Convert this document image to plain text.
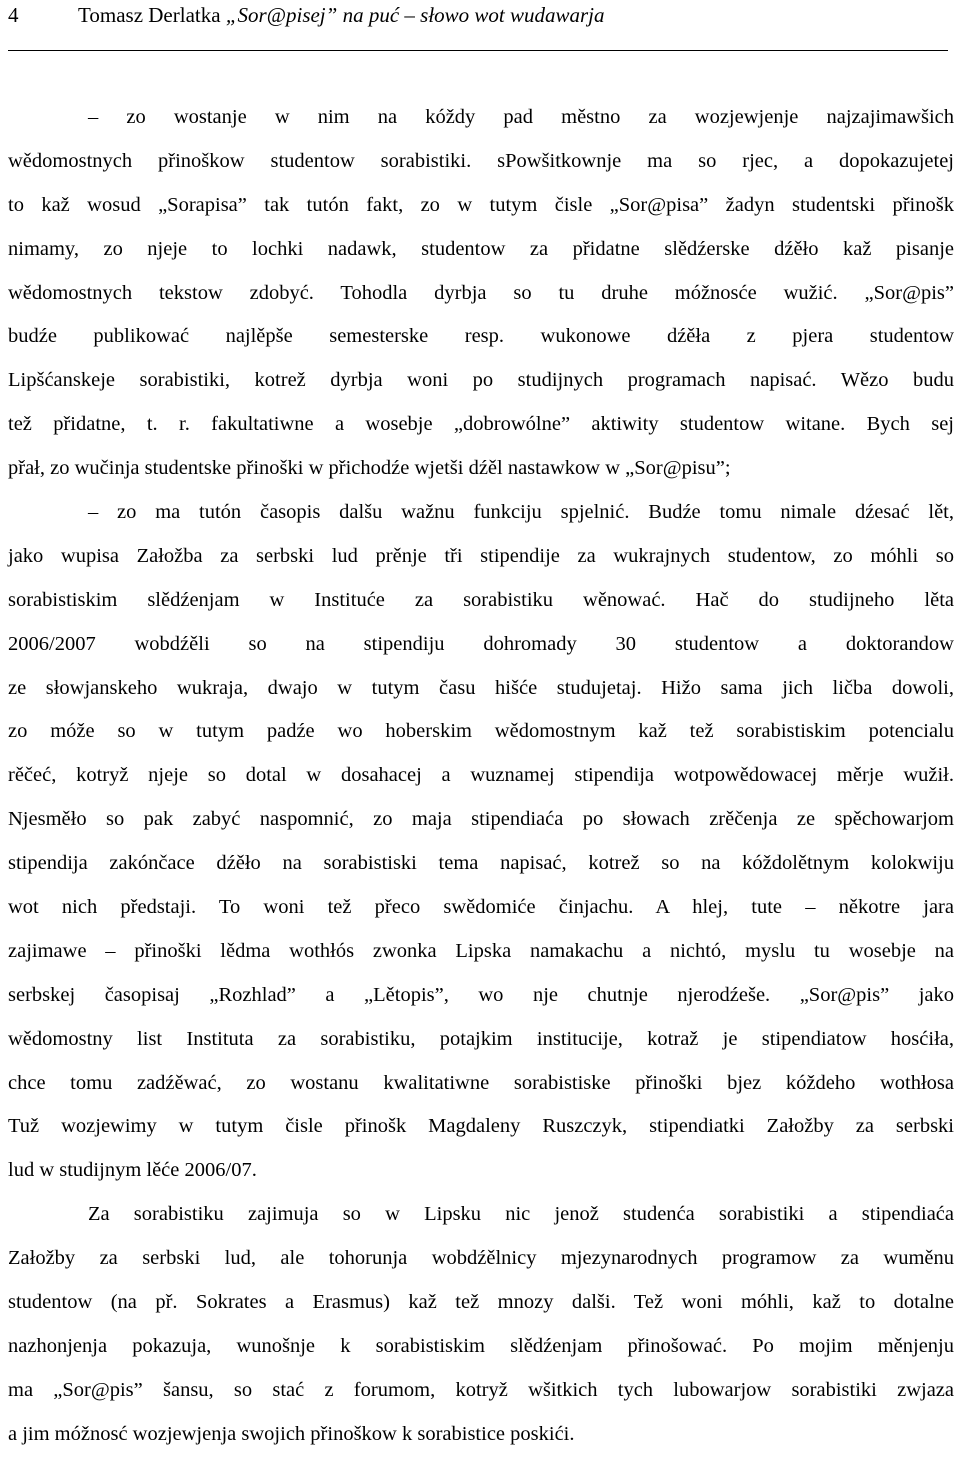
4	Tomasz Derlatka „Sor@pisej” na puć – słowo wot wudawarja
– zo wostanje w nim na kóždy pad městno za wozjewjenje najzajimawšich
wědomostnych přinoškow studentow sorabistiki. sPowšitkownje ma so rjec, a dopokazujetej
to kaž wosud „Sorapisa” tak tutón fakt, zo w tutym čisle „Sor@pisa” žadyn studentski přinošk
nimamy, zo njeje to lochki nadawk, studentow za přidatne slědźerske dźěło kaž pisanje
wědomostnych tekstow zdobyć. Tohodla dyrbja so tu druhe móžnosće wužić. „Sor@pis”
budźe publikować najlěpše semesterske resp. wukonowe dźěła z pjera studentow
Lipšćanskeje sorabistiki, kotrež dyrbja woni po studijnych programach napisać. Wězo budu
tež přidatne, t. r. fakultatiwne a wosebje „dobrowólne” aktiwity studentow witane. Bych sej
přał, zo wučinja studentske přinoški w přichodźe wjetši dźěl nastawkow w „Sor@pisu”;
– zo ma tutón časopis dalšu wažnu funkciju spjelnić. Budźe tomu nimale dźesać lět,
jako wupisa Załožba za serbski lud prěnje tři stipendije za wukrajnych studentow, zo móhli so
sorabistiskim slědźenjam w Instituće za sorabistiku wěnować. Hač do studijneho lěta
2006/2007 wobdźěli so na stipendiju dohromady 30 studentow a doktorandow
ze słowjanskeho wukraja, dwajo w tutym času hišće studujetaj. Hižo sama jich ličba dowoli,
zo móže so w tutym padźe wo hoberskim wědomostnym kaž tež sorabistiskim potencialu
rěčeć, kotryž njeje so dotal w dosahacej a wuznamej stipendija wotpowědowacej měrje wužił.
Njesměło so pak zabyć naspomnić, zo maja stipendiaća po słowach zrěčenja ze spěchowarjom
stipendija zakónčace dźěło na sorabistiski tema napisać, kotrež so na kóždolětnym kolokwiju
wot nich předstaji. To woni tež přeco swědomiće činjachu. A hlej, tute – někotre jara
zajimawe – přinoški lědma wothłós zwonka Lipska namakachu a nichtó, myslu tu wosebje na
serbskej časopisaj „Rozhlad” a „Lětopis”, wo nje chutnje njerodźeše. „Sor@pis” jako
wědomostny list Instituta za sorabistiku, potajkim institucije, kotraž je stipendiatow hosćiła,
chce tomu zadźěwać, zo wostanu kwalitatiwne sorabistiske přinoški bjez kóždeho wothłosa
Tuž wozjewimy w tutym čisle přinošk Magdaleny Ruszczyk, stipendiatki Załožby za serbski
lud w studijnym lěće 2006/07.
Za sorabistiku zajimuja so w Lipsku nic jenož studenća sorabistiki a stipendiaća
Załožby za serbski lud, ale tohorunja wobdźělnicy mjezynarodnych programow za wuměnu
studentow (na př. Sokrates a Erasmus) kaž tež mnozy dalši. Tež woni móhli, kaž to dotalne
nazhonjenja pokazuja, wunošnje k sorabistiskim slědźenjam přinošować. Po mojim měnjenju
ma „Sor@pis” šansu, so stać z forumom, kotryž wšitkich tych lubowarjow sorabistiki zwjaza
a jim móžnosć wozjewjenja swojich přinoškow k sorabistice poskići.
